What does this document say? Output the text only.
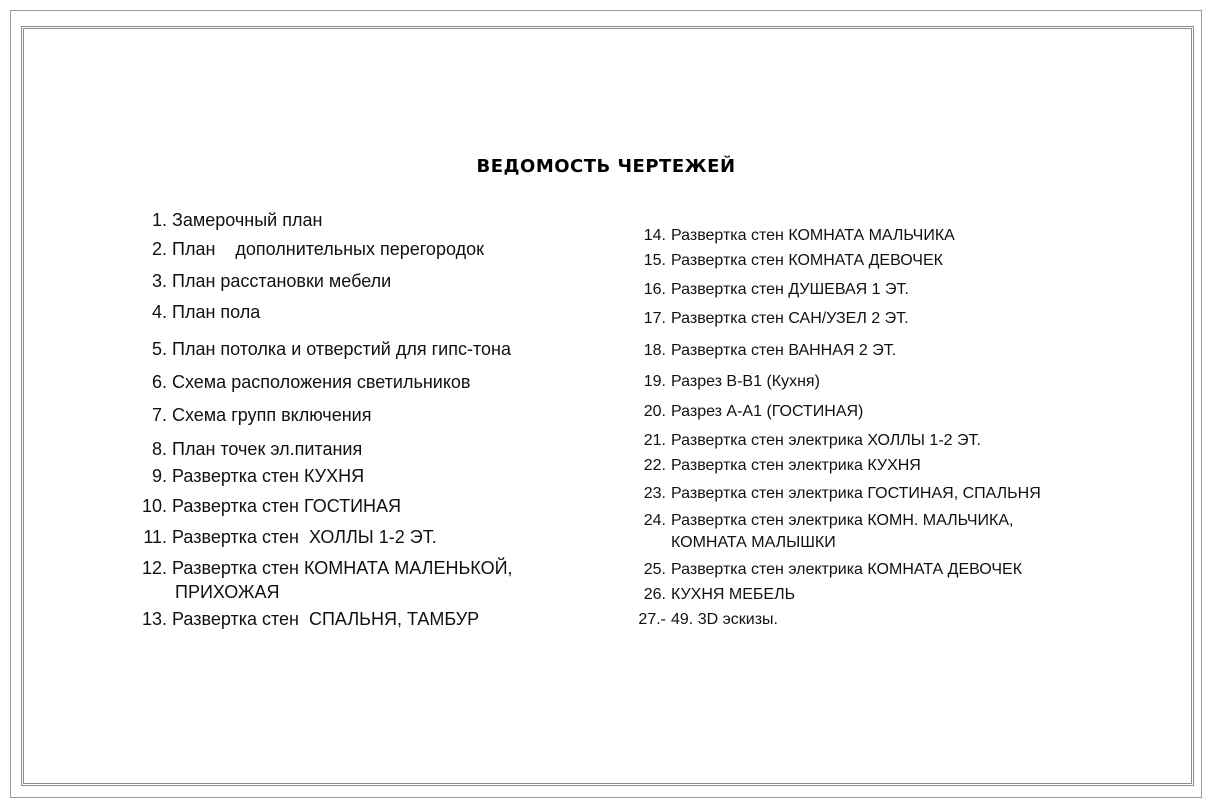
ВЕДОМОСТЬ ЧЕРТЕЖЕЙ
1. Замерочный план
2. План    дополнительных перегородок
3. План расстановки мебели
4. План пола
5. План потолка и отверстий для гипс-тона
6. Схема расположения светильников
7. Схема групп включения
8. План точек эл.питания
9. Развертка стен КУХНЯ
10. Развертка стен ГОСТИНАЯ
11. Развертка стен  ХОЛЛЫ 1-2 ЭТ.
12. Развертка стен КОМНАТА МАЛЕНЬКОЙ,
ПРИХОЖАЯ
13. Развертка стен  СПАЛЬНЯ, ТАМБУР
14. Развертка стен КОМНАТА МАЛЬЧИКА
15. Развертка стен КОМНАТА ДЕВОЧЕК
16. Развертка стен ДУШЕВАЯ 1 ЭТ.
17. Развертка стен САН/УЗЕЛ 2 ЭТ.
18. Развертка стен ВАННАЯ 2 ЭТ.
19. Разрез В-В1 (Кухня)
20. Разрез А-А1 (ГОСТИНАЯ)
21. Развертка стен электрика ХОЛЛЫ 1-2 ЭТ.
22. Развертка стен электрика КУХНЯ
23. Развертка стен электрика ГОСТИНАЯ, СПАЛЬНЯ
24. Развертка стен электрика КОМН. МАЛЬЧИКА,
КОМНАТА МАЛЫШКИ
25. Развертка стен электрика КОМНАТА ДЕВОЧЕК
26. КУХНЯ МЕБЕЛЬ
27.- 49. 3D эскизы.
